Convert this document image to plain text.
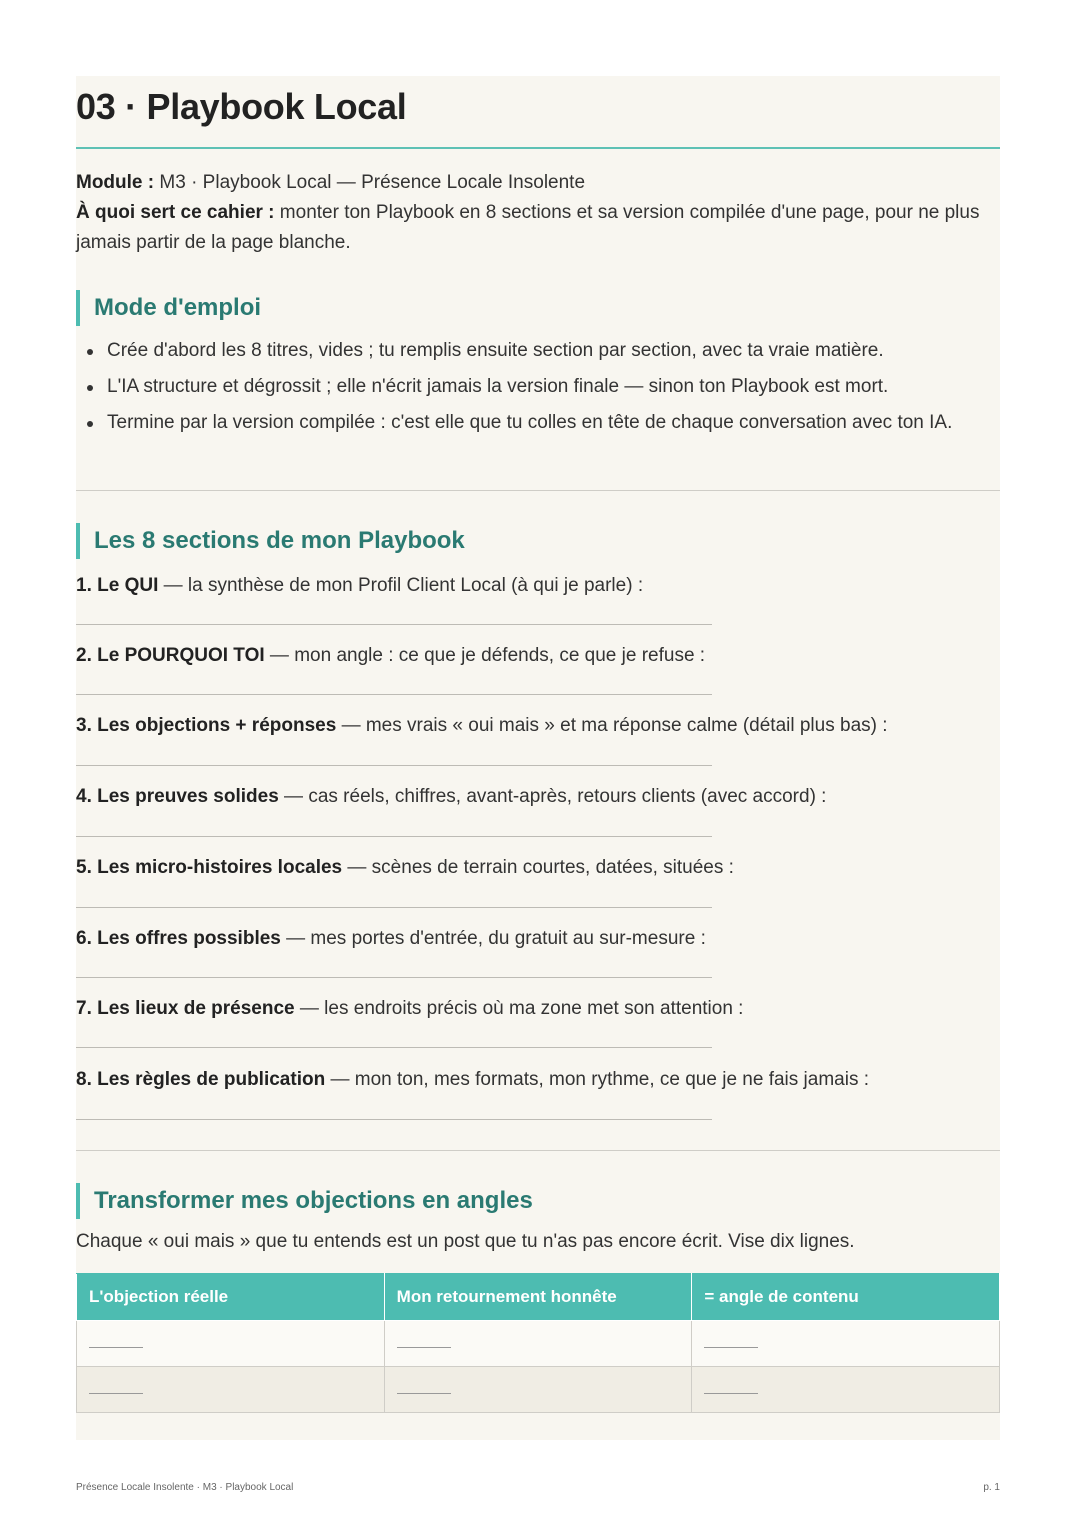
03 · Playbook Local
Module : M3 · Playbook Local — Présence Locale Insolente
À quoi sert ce cahier : monter ton Playbook en 8 sections et sa version compilée d'une page, pour ne plus jamais partir de la page blanche.
Mode d'emploi
Crée d'abord les 8 titres, vides ; tu remplis ensuite section par section, avec ta vraie matière.
L'IA structure et dégrossit ; elle n'écrit jamais la version finale — sinon ton Playbook est mort.
Termine par la version compilée : c'est elle que tu colles en tête de chaque conversation avec ton IA.
Les 8 sections de mon Playbook
1. Le QUI — la synthèse de mon Profil Client Local (à qui je parle) :
2. Le POURQUOI TOI — mon angle : ce que je défends, ce que je refuse :
3. Les objections + réponses — mes vrais « oui mais » et ma réponse calme (détail plus bas) :
4. Les preuves solides — cas réels, chiffres, avant-après, retours clients (avec accord) :
5. Les micro-histoires locales — scènes de terrain courtes, datées, situées :
6. Les offres possibles — mes portes d'entrée, du gratuit au sur-mesure :
7. Les lieux de présence — les endroits précis où ma zone met son attention :
8. Les règles de publication — mon ton, mes formats, mon rythme, ce que je ne fais jamais :
Transformer mes objections en angles
Chaque « oui mais » que tu entends est un post que tu n'as pas encore écrit. Vise dix lignes.
L'objection réelle	Mon retournement honnête	= angle de contenu

Présence Locale Insolente · M3 · Playbook Local	p. 1
